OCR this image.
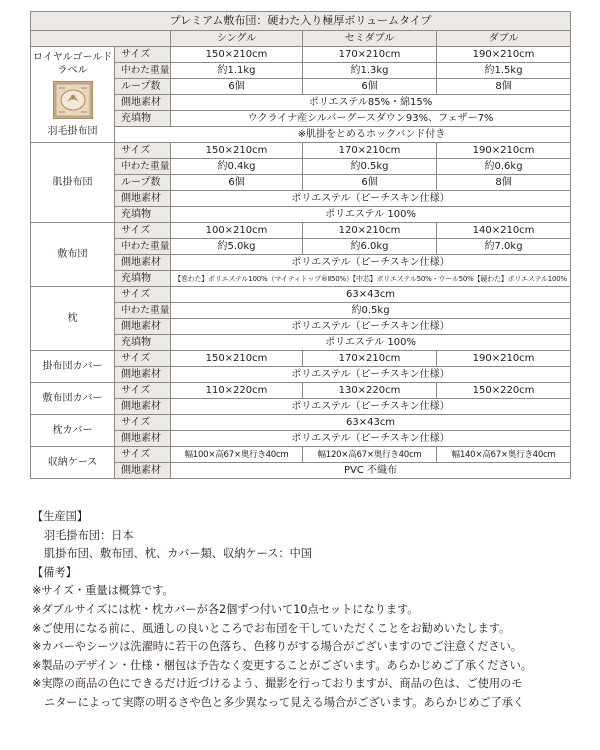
プレミアム敷布団：硬わた入り極厚ボリュームタイプ				
		シングル	セミダブル	ダブル

ロイヤルゴールド
ラベル
羽毛掛布団	サイズ	150×210cm	170×210cm	190×210cm
	中わた重量	約1.1kg	約1.3kg	約1.5kg
	ループ数	6個	6個	8個
	側地素材	ポリエステル85%・綿15%		
	充填物	ウクライナ産シルバーグースダウン93%、フェザー7%		
	※肌掛をとめるホックバンド付き			
肌掛布団	サイズ	150×210cm	170×210cm	190×210cm
	中わた重量	約0.4kg	約0.5kg	約0.6kg
	ループ数	6個	6個	8個
	側地素材	ポリエステル（ピーチスキン仕様）		
	充填物	ポリエステル 100%		
敷布団	サイズ	100×210cm	120×210cm	140×210cm
	中わた重量	約5.0kg	約6.0kg	約7.0kg
	側地素材	ポリエステル（ピーチスキン仕様）		
	充填物	【巻わた】ポリエステル100%（マイティトップ®Ⅱ50%）【中芯】ポリエステル50%・ウール50%【硬わた】ポリエステル100%		
枕	サイズ	63×43cm		
	中わた重量	約0.5kg		
	側地素材	ポリエステル（ピーチスキン仕様）		
	充填物	ポリエステル 100%		
掛布団カバー	サイズ	150×210cm	170×210cm	190×210cm
	側地素材	ポリエステル（ピーチスキン仕様）		
敷布団カバー	サイズ	110×220cm	130×220cm	150×220cm
	側地素材	ポリエステル（ピーチスキン仕様）		
枕カバー	サイズ	63×43cm		
	側地素材	ポリエステル（ピーチスキン仕様）		
収納ケース	サイズ	幅100×高67×奥行き40cm	幅120×高67×奥行き40cm	幅140×高67×奥行き40cm
	側地素材	PVC 不織布		

【生産国】

羽毛掛布団：日本

肌掛布団、敷布団、枕、カバー類、収納ケース：中国

【備考】

※サイズ・重量は概算です。

※ダブルサイズには枕・枕カバーが各2個ずつ付いて10点セットになります。

※ご使用になる前に、風通しの良いところでお布団を干していただくことをお勧めいたします。

※カバーやシーツは洗濯時に若干の色落ち、色移りがする場合がございますのでご注意ください。

※製品のデザイン・仕様・梱包は予告なく変更することがございます。あらかじめご了承ください。

※実際の商品の色にできるだけ近づけるよう、撮影を行っておりますが、商品の色は、ご使用のモ

ニターによって実際の明るさや色と多少異なって見える場合がございます。あらかじめご了承く
